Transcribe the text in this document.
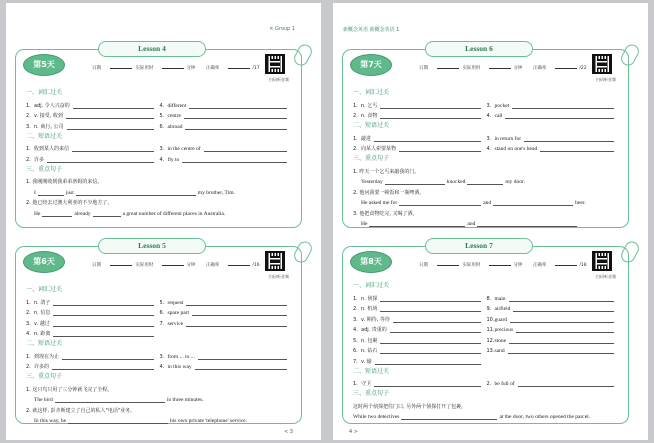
✕ Group 1
Lesson 4
第5天	日期	实际用时	分钟 正确率	/17
扫码听音频
一、词汇过关
1. adj. 令人兴奋的	4. different
2. v. 接受, 收到	5. centre
3. n. 商行, 公司	6. abroad
二、短语过关
1. 收到某人的来信	3. in the centre of
2. 许多	4. fly to
三、重点句子
1. 我刚刚收到我弟弟蒂姆的来信。
I	just	my brother, Tim.
2. 他已经去过澳大利亚的不少地方了。
He	already	a great number of different places in Australia.
Lesson 5
第6天	日期	实际用时	分钟 正确率	/16
扫码听音频
一、词汇过关
1. n. 鸽子	5. request
2. n. 信息	6. spare part
3. v. 越过	7. service
4. n. 距离
二、短语过关
1. 到现在为止	3. from ... to ...
2. 许多的	4. in this way
三、重点句子
1. 这只鸟只用了三分钟就飞完了全程。
The bird	in three minutes.
2. 就这样, 彭齐斯建立了自己的私人"电话"业务。
In this way, he	his own private 'telephone' service.
< 3
新概念英语 新概念英语 1
Lesson 6
第7天	日期	实际用时	分钟 正确率	/22
扫码听音频
一、词汇过关
1. n. 乞丐	3. pocket
2. n. 食物	4. call
二、短语过关
1. 敲进	3. in return for
2. 向某人索要某物	4. stand on one's head
三、重点句子
1. 昨天一个乞丐来敲我的门。
Yesterday	knocked	my door.
2. 他问我要一顿饭和一瓶啤酒。
He asked me for	and	beer.
3. 他把食物吃完, 又喝了酒。
He	and
Lesson 7
第8天	日期	实际用时	分钟 正确率	/18
扫码听音频
一、词汇过关
1. n. 侦探	8. main
2. n. 机场	9. airfield
3. v. 期待, 等待	10. guard
4. adj. 贵重的	11. precious
5. n. 包裹	12. stone
6. n. 钻石	13. sand
7. v. 偷
二、短语过关
1. 守卫	2. be full of
三、重点句子
这时两个侦探把住门口, 另外两个侦探打开了包裹。
While two detectives	at the door, two others opened the parcel.
4 >
